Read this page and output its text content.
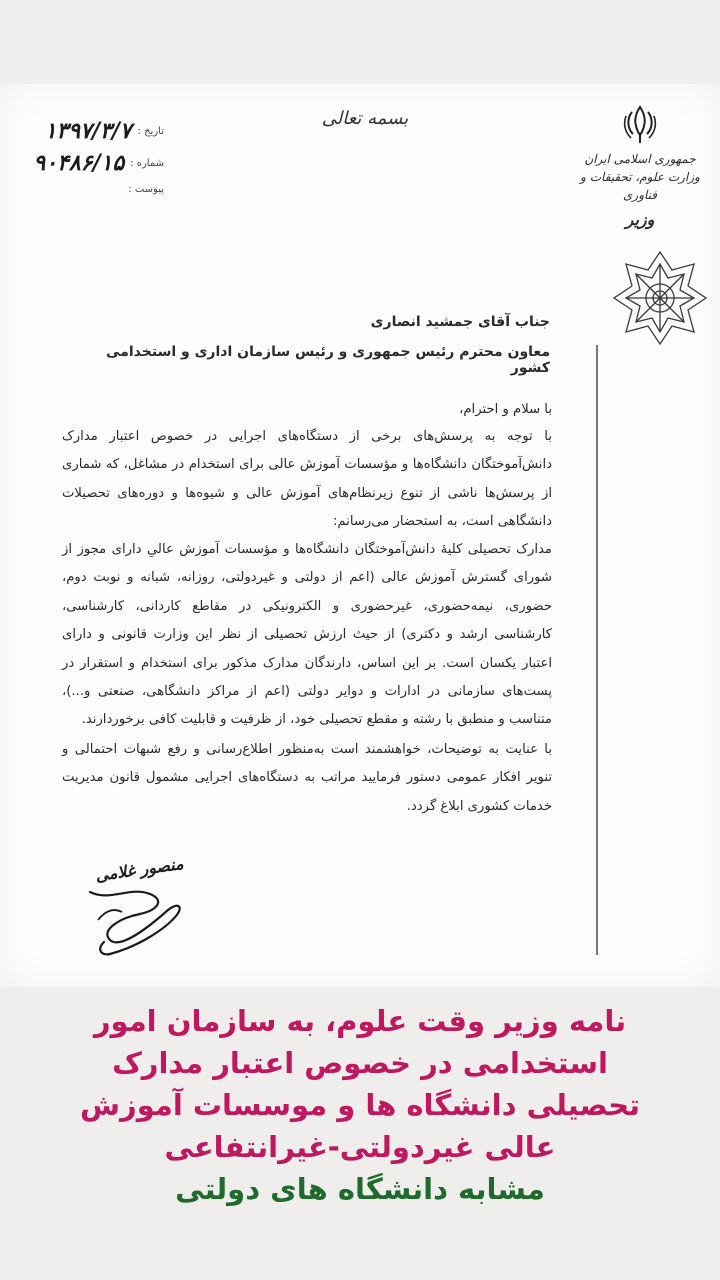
تاریخ :
۱۳۹۷/۳/۷
شماره :
۹۰۴۸۶/۱۵
پیوست :
بسمه تعالی
جمهوری اسلامی ایران
وزارت علوم، تحقیقات و فناوری
وزیر
جناب آقای جمشید انصاری
معاون محترم رئیس جمهوری و رئیس سازمان اداری و استخدامی کشور
با سلام و احترام،
با توجه به پرسش‌های برخی از دستگاه‌های اجرایی در خصوص اعتبار مدارک دانش‌آموختگان دانشگاه‌ها و مؤسسات آموزش عالی برای استخدام در مشاغل، که شماری از پرسش‌ها ناشی از تنوع زیرنظام‌های آموزش عالی و شیوه‌ها و دوره‌های تحصیلات دانشگاهی است، به استحضار می‌رسانم:
مدارک تحصیلی کلیهٔ دانش‌آموختگان دانشگاه‌ها و مؤسسات آموزش عالیِ دارای مجوز از شورای گسترش آموزش عالی (اعم از دولتی و غیردولتی، روزانه، شبانه و نوبت دوم، حضوری، نیمه‌حضوری، غیرحضوری و الکترونیکی در مقاطع کاردانی، کارشناسی، کارشناسی ارشد و دکتری) از حیث ارزش تحصیلی از نظر این وزارت قانونی و دارای اعتبار یکسان است. بر این اساس، دارندگان مدارک مذکور برای استخدام و استقرار در پست‌های سازمانی در ادارات و دوایر دولتی (اعم از مراکز دانشگاهی، صنعتی و...)، متناسب و منطبق با رشته و مقطع تحصیلی خود، از ظرفیت و قابلیت کافی برخوردارند.
با عنایت به توضیحات، خواهشمند است به‌منظور اطلاع‌رسانی و رفع شبهات احتمالی و تنویر افکار عمومی دستور فرمایید مراتب به دستگاه‌های اجرایی مشمول قانون مدیریت خدمات کشوری ابلاغ گردد.
منصور غلامی
نامه وزیر وقت علوم، به سازمان امور
استخدامی در خصوص اعتبار مدارک
تحصیلی دانشگاه ها و موسسات آموزش
عالی غیردولتی-غیرانتفاعی
مشابه دانشگاه های دولتی
